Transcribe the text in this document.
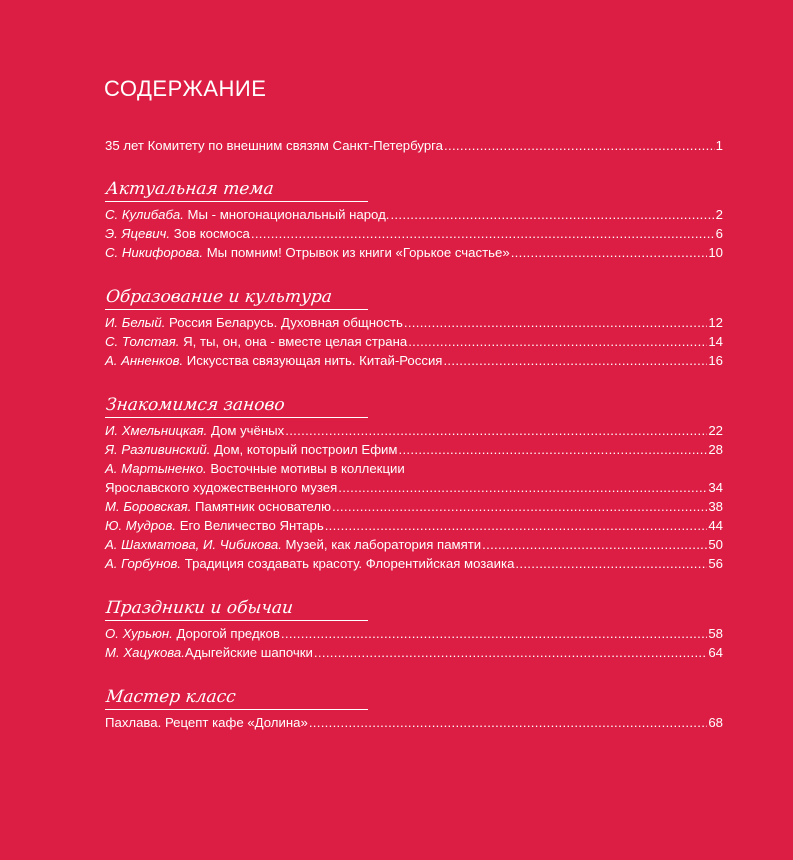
СОДЕРЖАНИЕ
35 лет Комитету по внешним связям Санкт-Петербурга .....	1
Актуальная тема
С. Кулибаба. Мы - многонациональный народ. .....	2
Э. Яцевич. Зов космоса .....	6
С. Никифорова. Мы помним! Отрывок из книги «Горькое счастье» .....	10
Образование и культура
И. Белый. Россия Беларусь. Духовная общность .....	12
С. Толстая. Я, ты, он, она - вместе целая страна .....	14
А. Анненков. Искусства связующая нить. Китай-Россия .....	16
Знакомимся заново
И. Хмельницкая. Дом учёных .....	22
Я. Разливинский. Дом, который построил Ефим .....	28
А. Мартыненко. Восточные мотивы в коллекции
Ярославского художественного музея .....	34
М. Боровская. Памятник основателю .....	38
Ю. Мудров. Его Величество Янтарь .....	44
А. Шахматова, И. Чибикова. Музей, как лаборатория памяти .....	50
А. Горбунов. Традиция создавать красоту. Флорентийская мозаика .....	56
Праздники и обычаи
О. Хурьюн. Дорогой предков .....	58
М. Хацукова.Адыгейские шапочки .....	64
Мастер класс
Пахлава. Рецепт кафе «Долина» .....	68
